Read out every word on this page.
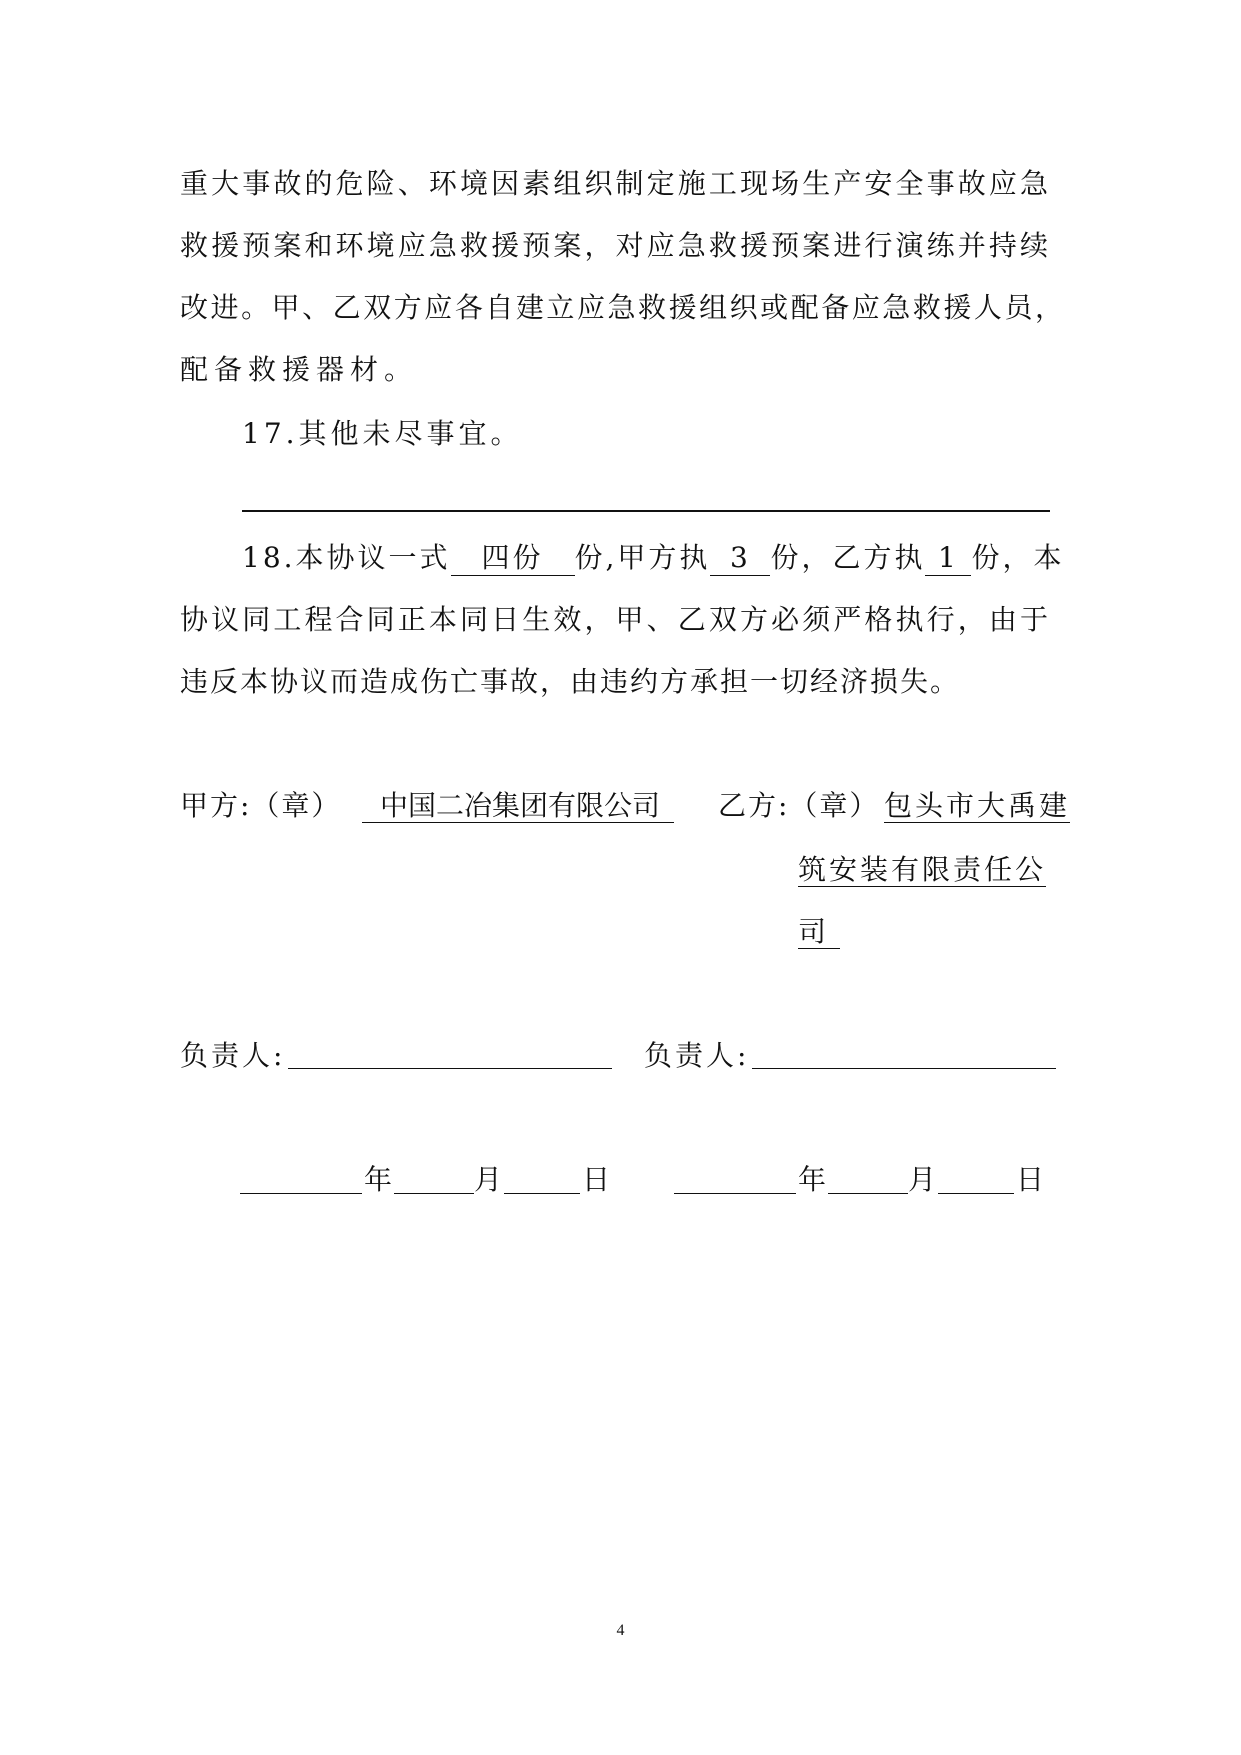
重大事故的危险、环境因素组织制定施工现场生产安全事故应急
救援预案和环境应急救援预案，对应急救援预案进行演练并持续
改进。甲、乙双方应各自建立应急救援组织或配备应急救援人员，
配备救援器材。
17.其他未尽事宜。
18.本协议一式 四份 份,甲方执 3 份，乙方执 1 份，本
协议同工程合同正本同日生效，甲、乙双方必须严格执行，由于
违反本协议而造成伤亡事故，由违约方承担一切经济损失。
甲方:（章）	中国二冶集团有限公司	乙方:（章） 包头市大禹建
筑安装有限责任公
司
负责人:	负责人:
年	月	日	年	月	日
4
